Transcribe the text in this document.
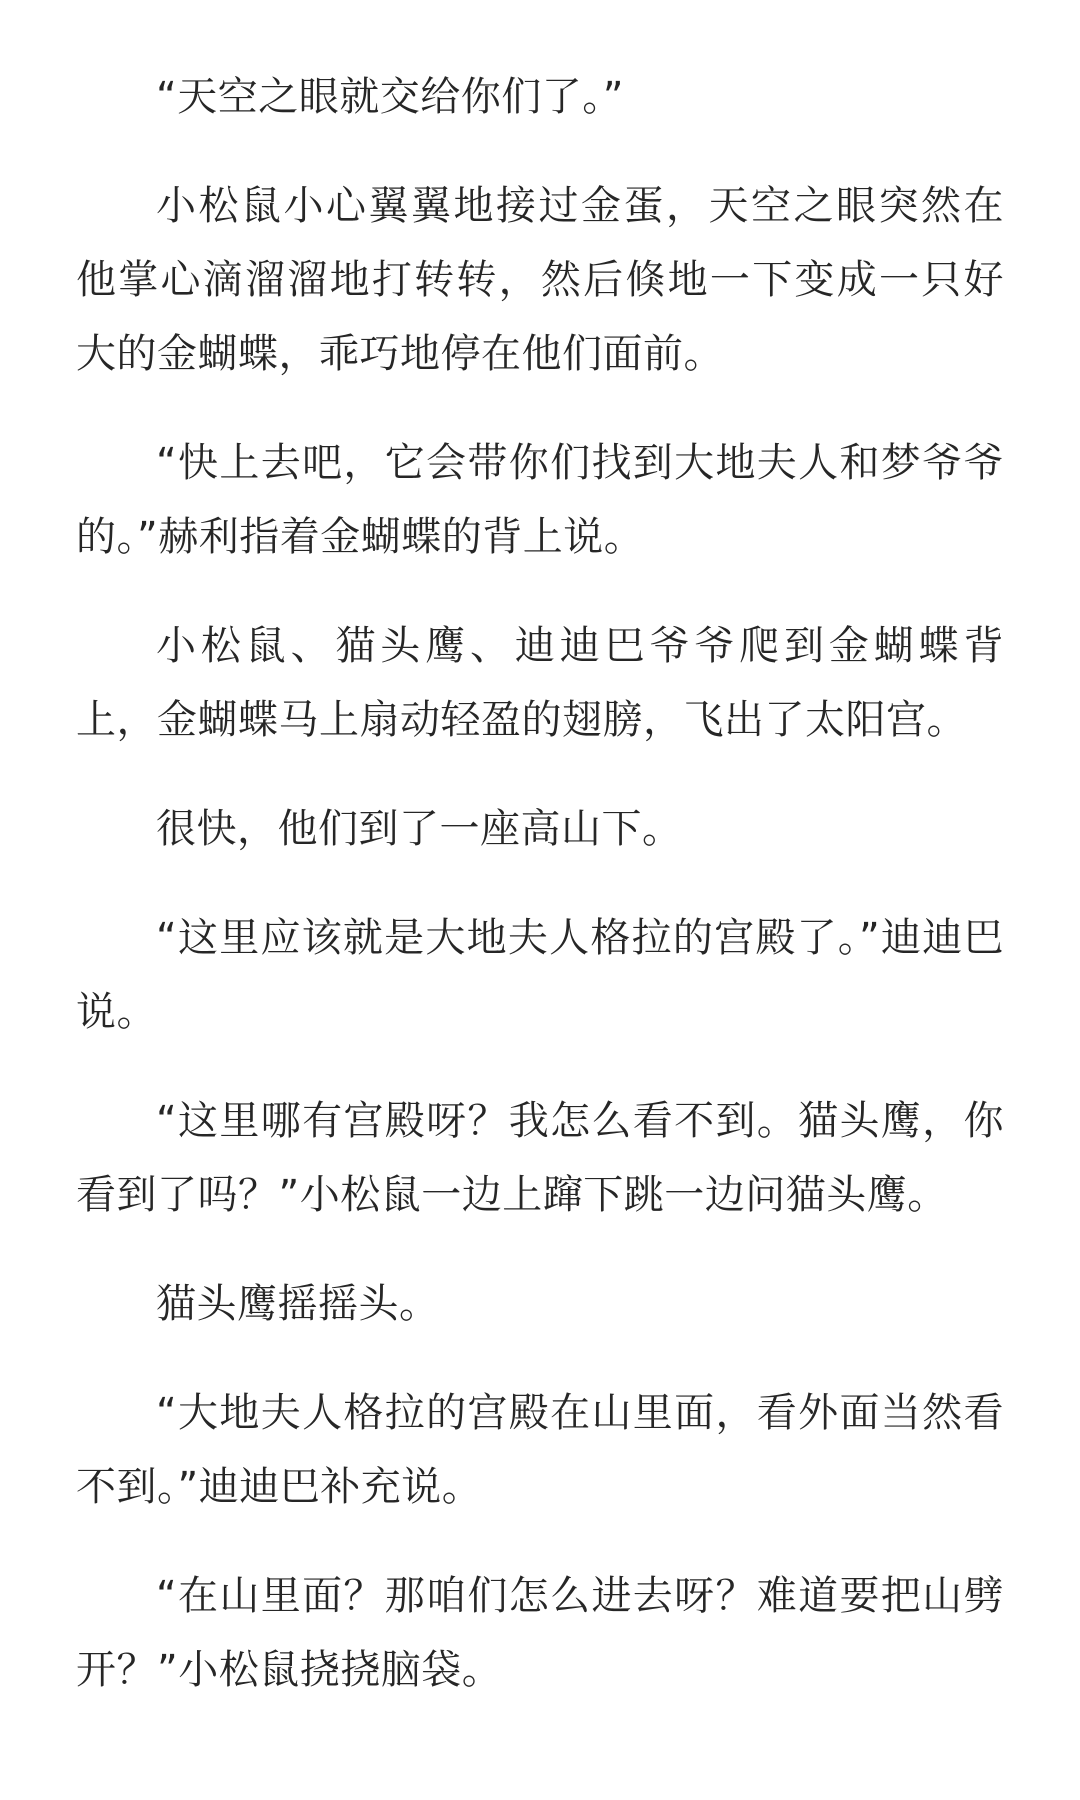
“天空之眼就交给你们了。”

小松鼠小心翼翼地接过金蛋，天空之眼突然在他掌心滴溜溜地打转转，然后倏地一下变成一只好大的金蝴蝶，乖巧地停在他们面前。

“快上去吧，它会带你们找到大地夫人和梦爷爷的。”赫利指着金蝴蝶的背上说。

小松鼠、猫头鹰、迪迪巴爷爷爬到金蝴蝶背上，金蝴蝶马上扇动轻盈的翅膀，飞出了太阳宫。

很快，他们到了一座高山下。

“这里应该就是大地夫人格拉的宫殿了。”迪迪巴说。

“这里哪有宫殿呀？我怎么看不到。猫头鹰，你看到了吗？”小松鼠一边上蹿下跳一边问猫头鹰。

猫头鹰摇摇头。

“大地夫人格拉的宫殿在山里面，看外面当然看不到。”迪迪巴补充说。

“在山里面？那咱们怎么进去呀？难道要把山劈开？”小松鼠挠挠脑袋。
